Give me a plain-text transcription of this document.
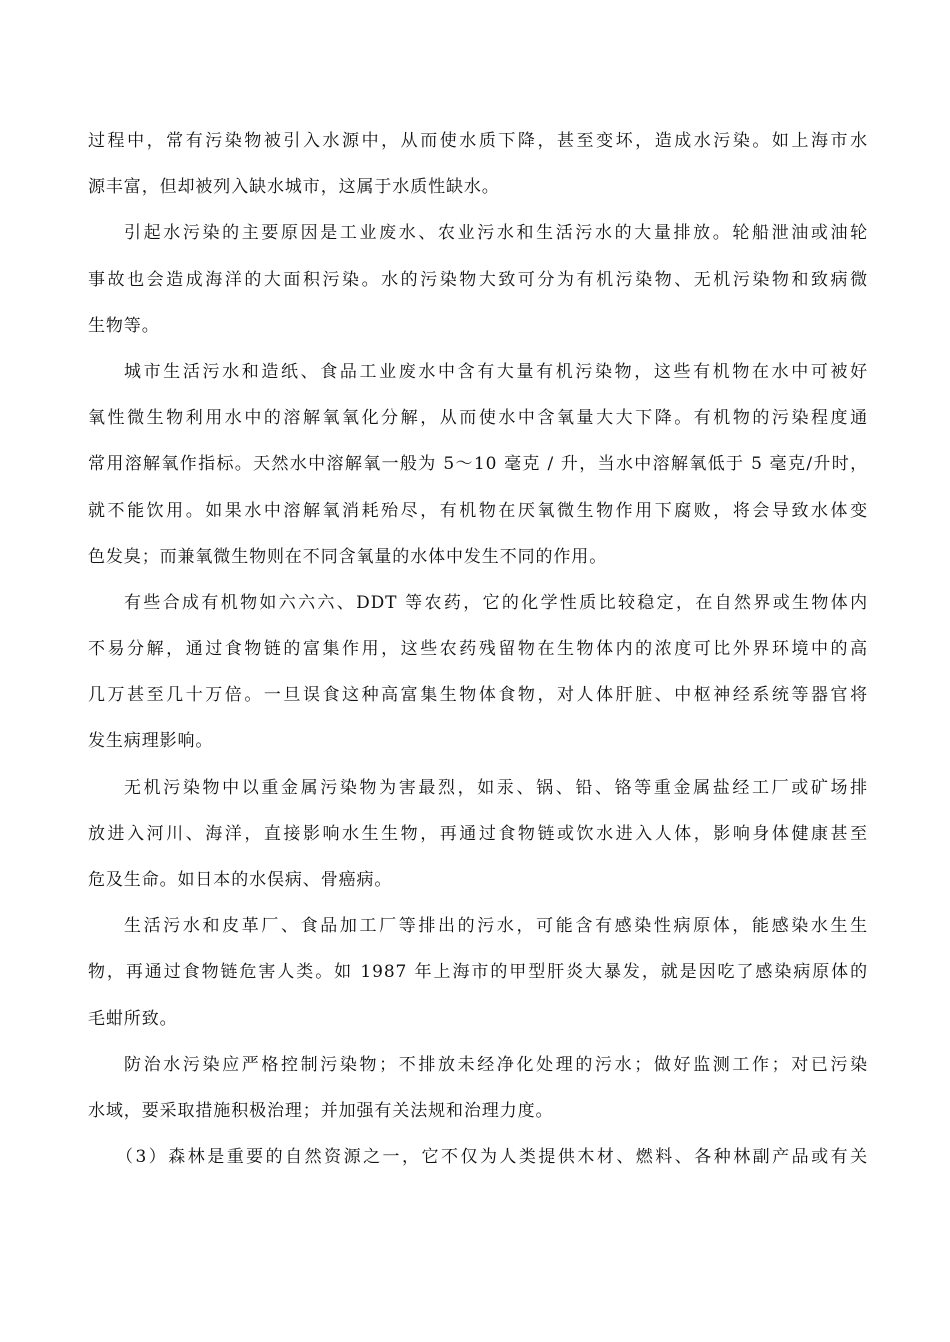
过程中，常有污染物被引入水源中，从而使水质下降，甚至变坏，造成水污染。如上海市水
源丰富，但却被列入缺水城市，这属于水质性缺水。
引起水污染的主要原因是工业废水、农业污水和生活污水的大量排放。轮船泄油或油轮
事故也会造成海洋的大面积污染。水的污染物大致可分为有机污染物、无机污染物和致病微
生物等。
城市生活污水和造纸、食品工业废水中含有大量有机污染物，这些有机物在水中可被好
氧性微生物利用水中的溶解氧氧化分解，从而使水中含氧量大大下降。有机物的污染程度通
常用溶解氧作指标。天然水中溶解氧一般为 5～10 毫克 / 升，当水中溶解氧低于 5 毫克/升时，
就不能饮用。如果水中溶解氧消耗殆尽，有机物在厌氧微生物作用下腐败，将会导致水体变
色发臭；而兼氧微生物则在不同含氧量的水体中发生不同的作用。
有些合成有机物如六六六、DDT 等农药，它的化学性质比较稳定，在自然界或生物体内
不易分解，通过食物链的富集作用，这些农药残留物在生物体内的浓度可比外界环境中的高
几万甚至几十万倍。一旦误食这种高富集生物体食物，对人体肝脏、中枢神经系统等器官将
发生病理影响。
无机污染物中以重金属污染物为害最烈，如汞、锅、铅、铬等重金属盐经工厂或矿场排
放进入河川、海洋，直接影响水生生物，再通过食物链或饮水进入人体，影响身体健康甚至
危及生命。如日本的水俣病、骨癌病。
生活污水和皮革厂、食品加工厂等排出的污水，可能含有感染性病原体，能感染水生生
物，再通过食物链危害人类。如 1987 年上海市的甲型肝炎大暴发，就是因吃了感染病原体的
毛蚶所致。
防治水污染应严格控制污染物；不排放未经净化处理的污水；做好监测工作；对已污染
水域，要采取措施积极治理；并加强有关法规和治理力度。
（3）森林是重要的自然资源之一，它不仅为人类提供木材、燃料、各种林副产品或有关
